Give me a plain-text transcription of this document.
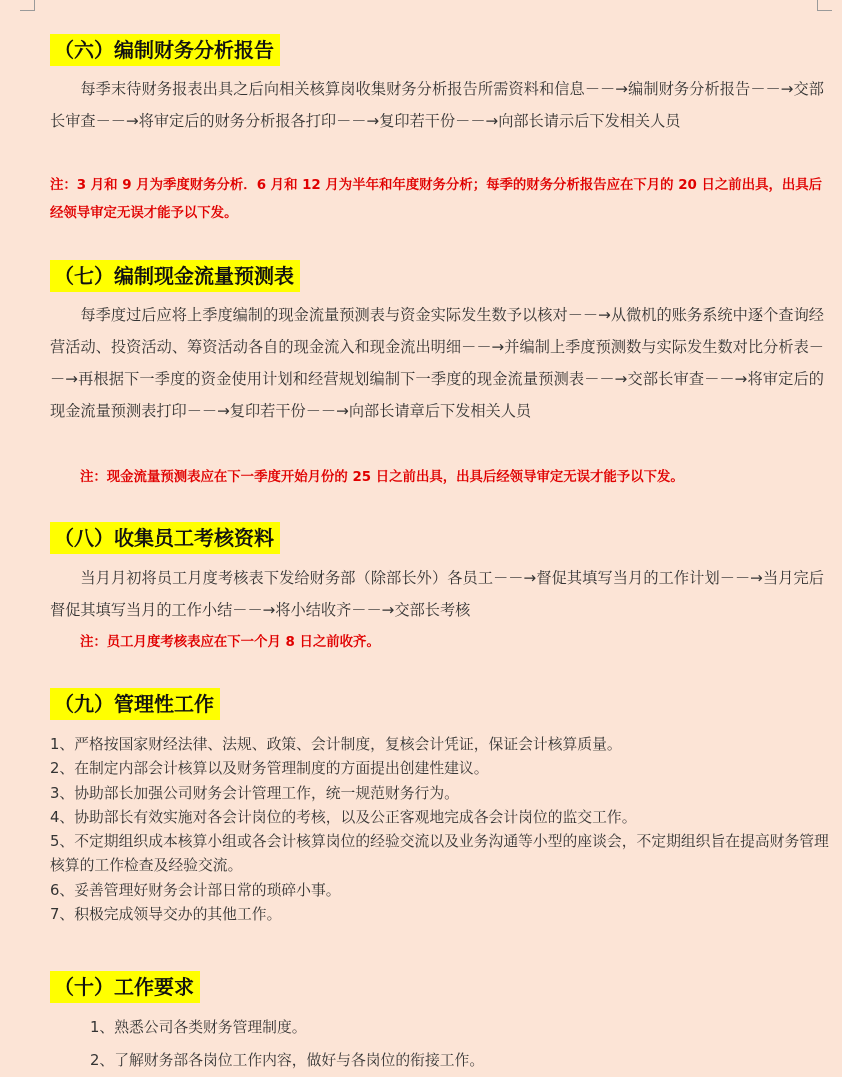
（六）编制财务分析报告
每季末待财务报表出具之后向相关核算岗收集财务分析报告所需资料和信息－－→编制财务分析报告－－→交部长审查－－→将审定后的财务分析报各打印－－→复印若干份－－→向部长请示后下发相关人员
注：3 月和 9 月为季度财务分析．6 月和 12 月为半年和年度财务分析；每季的财务分析报告应在下月的 20 日之前出具，出具后经领导审定无误才能予以下发。
（七）编制现金流量预测表
每季度过后应将上季度编制的现金流量预测表与资金实际发生数予以核对－－→从微机的账务系统中逐个查询经营活动、投资活动、筹资活动各自的现金流入和现金流出明细－－→并编制上季度预测数与实际发生数对比分析表－－→再根据下一季度的资金使用计划和经营规划编制下一季度的现金流量预测表－－→交部长审查－－→将审定后的现金流量预测表打印－－→复印若干份－－→向部长请章后下发相关人员
注：现金流量预测表应在下一季度开始月份的 25 日之前出具，出具后经领导审定无误才能予以下发。
（八）收集员工考核资料
当月月初将员工月度考核表下发给财务部（除部长外）各员工－－→督促其填写当月的工作计划－－→当月完后督促其填写当月的工作小结－－→将小结收齐－－→交部长考核
注：员工月度考核表应在下一个月 8 日之前收齐。
（九）管理性工作
1、严格按国家财经法律、法规、政策、会计制度，复核会计凭证，保证会计核算质量。
2、在制定内部会计核算以及财务管理制度的方面提出创建性建议。
3、协助部长加强公司财务会计管理工作，统一规范财务行为。
4、协助部长有效实施对各会计岗位的考核，以及公正客观地完成各会计岗位的监交工作。
5、不定期组织成本核算小组或各会计核算岗位的经验交流以及业务沟通等小型的座谈会，不定期组织旨在提高财务管理核算的工作检查及经验交流。
6、妥善管理好财务会计部日常的琐碎小事。
7、积极完成领导交办的其他工作。
（十）工作要求
1、熟悉公司各类财务管理制度。
2、了解财务部各岗位工作内容，做好与各岗位的衔接工作。
